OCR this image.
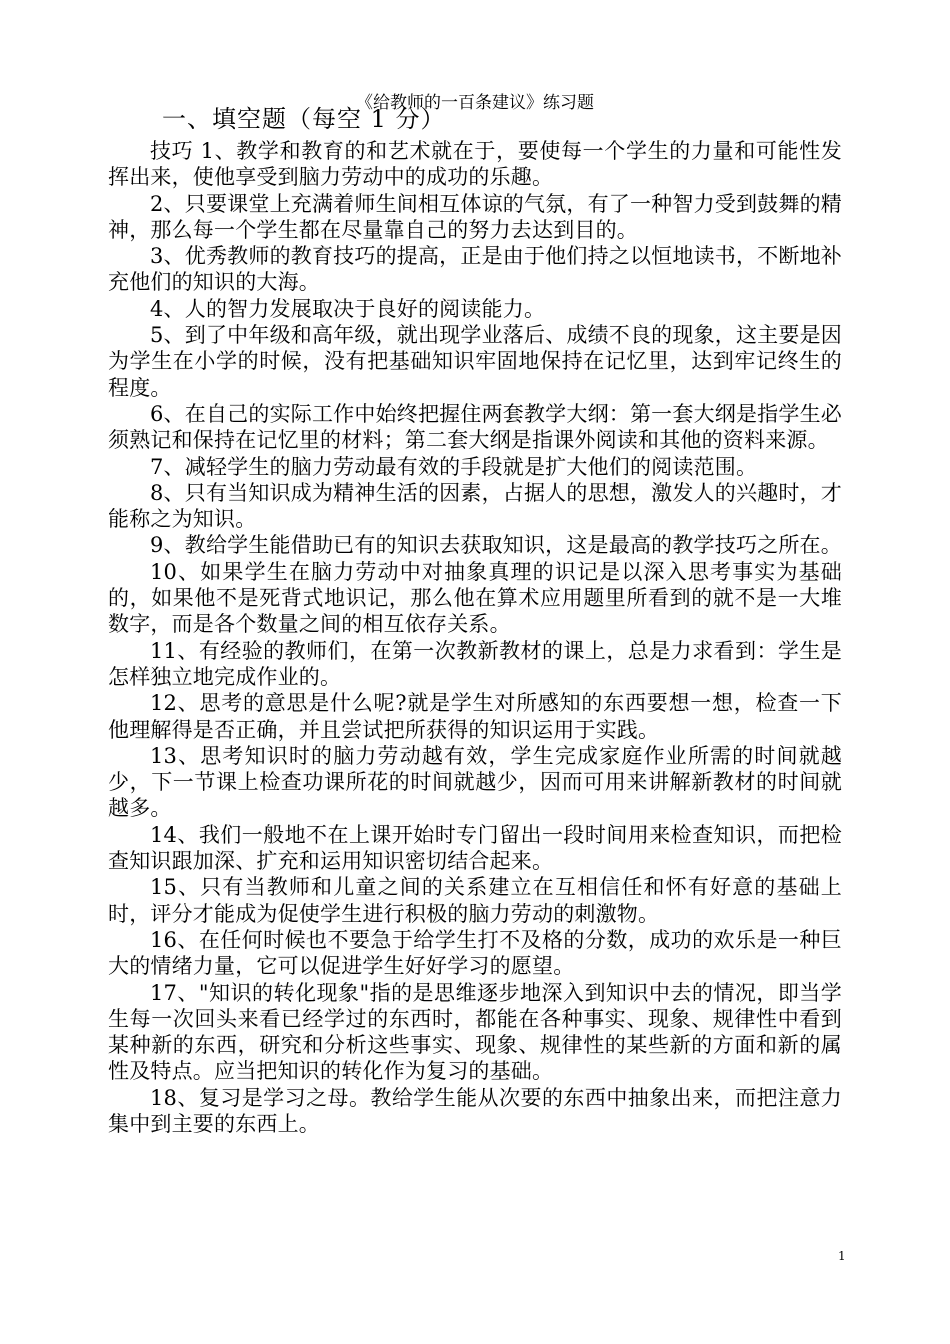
《给教师的一百条建议》练习题
一、填空题（每空 1 分）

技巧 1、教学和教育的和艺术就在于，要使每一个学生的力量和可能性发挥出来，使他享受到脑力劳动中的成功的乐趣。

2、只要课堂上充满着师生间相互体谅的气氛，有了一种智力受到鼓舞的精神，那么每一个学生都在尽量靠自己的努力去达到目的。

3、优秀教师的教育技巧的提高，正是由于他们持之以恒地读书，不断地补充他们的知识的大海。

4、人的智力发展取决于良好的阅读能力。

5、到了中年级和高年级，就出现学业落后、成绩不良的现象，这主要是因为学生在小学的时候，没有把基础知识牢固地保持在记忆里，达到牢记终生的程度。

6、在自己的实际工作中始终把握住两套教学大纲：第一套大纲是指学生必须熟记和保持在记忆里的材料；第二套大纲是指课外阅读和其他的资料来源。

7、减轻学生的脑力劳动最有效的手段就是扩大他们的阅读范围。

8、只有当知识成为精神生活的因素，占据人的思想，激发人的兴趣时，才能称之为知识。

9、教给学生能借助已有的知识去获取知识，这是最高的教学技巧之所在。

10、如果学生在脑力劳动中对抽象真理的识记是以深入思考事实为基础的，如果他不是死背式地识记，那么他在算术应用题里所看到的就不是一大堆数字，而是各个数量之间的相互依存关系。

11、有经验的教师们，在第一次教新教材的课上，总是力求看到：学生是怎样独立地完成作业的。

12、思考的意思是什么呢?就是学生对所感知的东西要想一想，检查一下他理解得是否正确，并且尝试把所获得的知识运用于实践。

13、思考知识时的脑力劳动越有效，学生完成家庭作业所需的时间就越少，下一节课上检查功课所花的时间就越少，因而可用来讲解新教材的时间就越多。

14、我们一般地不在上课开始时专门留出一段时间用来检查知识，而把检查知识跟加深、扩充和运用知识密切结合起来。

15、只有当教师和儿童之间的关系建立在互相信任和怀有好意的基础上时，评分才能成为促使学生进行积极的脑力劳动的刺激物。

16、在任何时候也不要急于给学生打不及格的分数，成功的欢乐是一种巨大的情绪力量，它可以促进学生好好学习的愿望。

17、"知识的转化现象"指的是思维逐步地深入到知识中去的情况，即当学生每一次回头来看已经学过的东西时，都能在各种事实、现象、规律性中看到某种新的东西，研究和分析这些事实、现象、规律性的某些新的方面和新的属性及特点。应当把知识的转化作为复习的基础。

18、复习是学习之母。教给学生能从次要的东西中抽象出来，而把注意力集中到主要的东西上。

1
